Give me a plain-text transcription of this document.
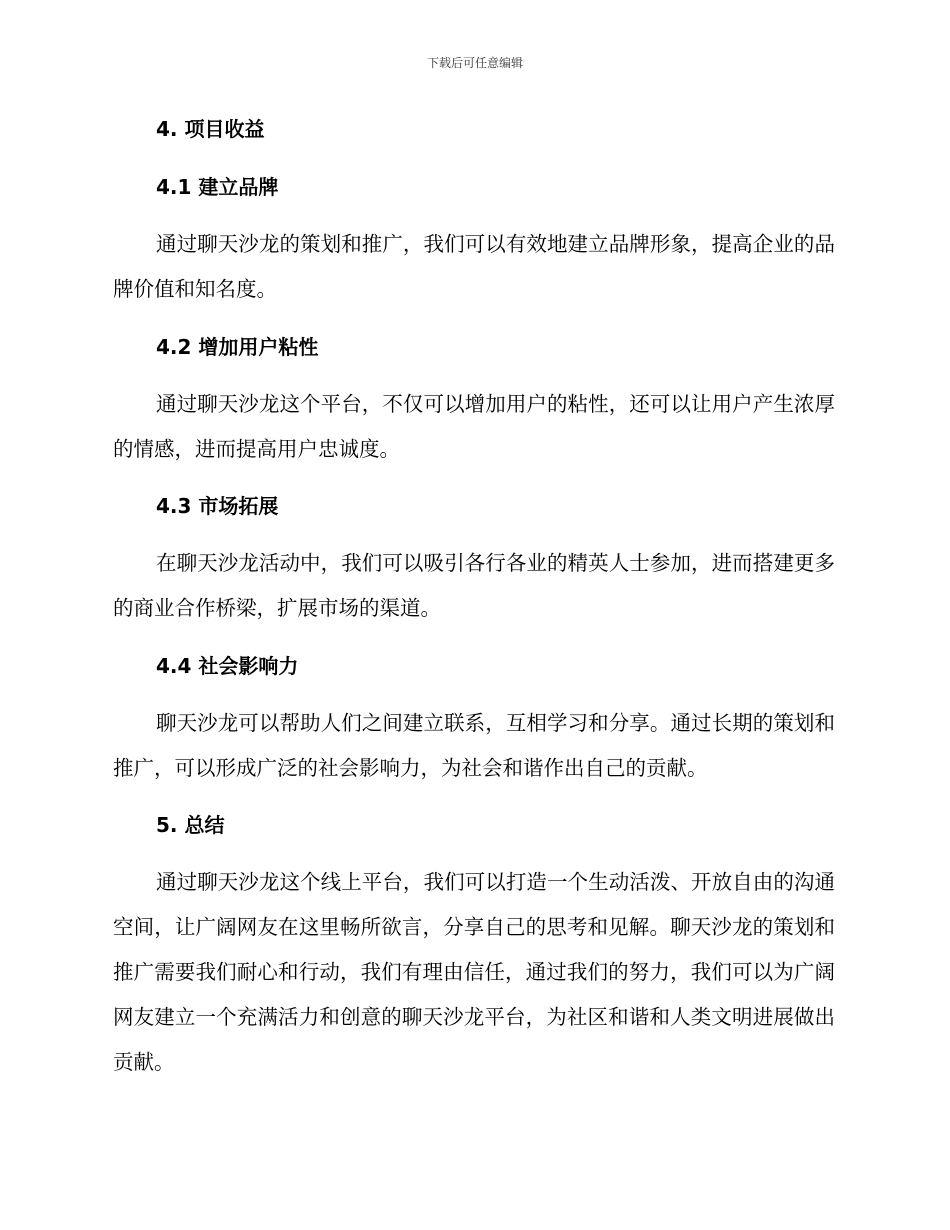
下载后可任意编辑
4. 项目收益
4.1 建立品牌
通过聊天沙龙的策划和推广，我们可以有效地建立品牌形象，提高企业的品牌价值和知名度。
4.2 增加用户粘性
通过聊天沙龙这个平台，不仅可以增加用户的粘性，还可以让用户产生浓厚的情感，进而提高用户忠诚度。
4.3 市场拓展
在聊天沙龙活动中，我们可以吸引各行各业的精英人士参加，进而搭建更多的商业合作桥梁，扩展市场的渠道。
4.4 社会影响力
聊天沙龙可以帮助人们之间建立联系，互相学习和分享。通过长期的策划和推广，可以形成广泛的社会影响力，为社会和谐作出自己的贡献。
5. 总结
通过聊天沙龙这个线上平台，我们可以打造一个生动活泼、开放自由的沟通空间，让广阔网友在这里畅所欲言，分享自己的思考和见解。聊天沙龙的策划和推广需要我们耐心和行动，我们有理由信任，通过我们的努力，我们可以为广阔网友建立一个充满活力和创意的聊天沙龙平台，为社区和谐和人类文明进展做出贡献。
